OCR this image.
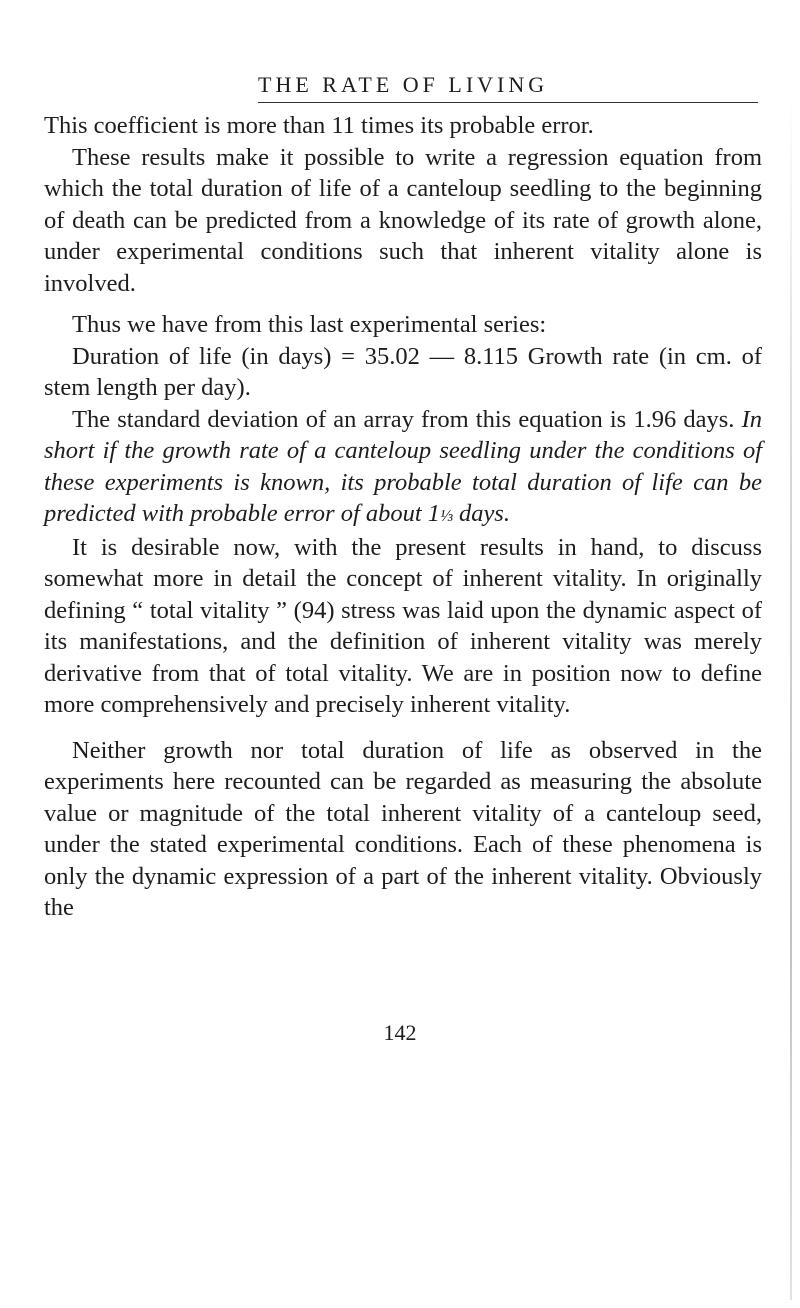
THE RATE OF LIVING

This coefficient is more than 11 times its probable error.

These results make it possible to write a regression equation from which the total duration of life of a canteloup seedling to the beginning of death can be predicted from a knowledge of its rate of growth alone, under experimental conditions such that inherent vitality alone is involved.

Thus we have from this last experimental series:

Duration of life (in days) = 35.02 — 8.115 Growth rate (in cm. of stem length per day).

The standard deviation of an array from this equation is 1.96 days. In short if the growth rate of a canteloup seedling under the conditions of these experiments is known, its probable total duration of life can be predicted with probable error of about 1⅓ days.

It is desirable now, with the present results in hand, to discuss somewhat more in detail the concept of inherent vitality. In originally defining “ total vitality ” (94) stress was laid upon the dynamic aspect of its manifestations, and the definition of inherent vitality was merely derivative from that of total vitality. We are in position now to define more comprehensively and precisely inherent vitality.

Neither growth nor total duration of life as observed in the experiments here recounted can be regarded as measuring the absolute value or magnitude of the total inherent vitality of a canteloup seed, under the stated experimental conditions. Each of these phenomena is only the dynamic expression of a part of the inherent vitality. Obviously the

142
